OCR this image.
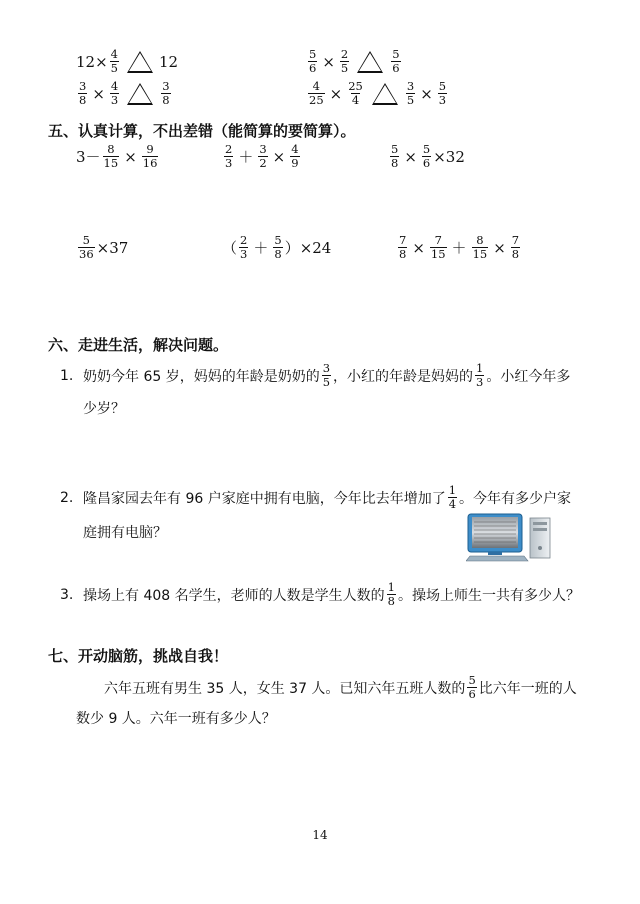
$12\times \frac{4}{5}$	12
$\frac{3}{8} \times \frac{4}{3}$	$\frac{3}{8}$
$\frac{5}{6} \times \frac{2}{5}$	$\frac{5}{6}$
$\frac{4}{25} \times \frac{25}{4}$	$\frac{3}{5} \times \frac{5}{3}$
五、认真计算，不出差错（能简算的要简算）。
$3- \frac{8}{15} \times \frac{9}{16}$	$\frac{2}{3} + \frac{3}{2} \times \frac{4}{9}$	$\frac{5}{8} \times \frac{5}{6} \times 32$
$\frac{5}{36} \times 37$	（ $\frac{2}{3} + \frac{5}{8} )\times 24$	$\frac{7}{8} \times \frac{7}{15} + \frac{8}{15} \times \frac{7}{8}$
六、走进生活，解决问题。
1. 奶奶今年 65 岁，妈妈的年龄是奶奶的 $\frac{3}{5}$ ，小红的年龄是妈妈的 $\frac{1}{3}$ 。小红今年多
少岁？
2. 隆昌家园去年有 96 户家庭中拥有电脑，今年比去年增加了 $\frac{1}{4}$ 。今年有多少户家
庭拥有电脑？
3. 操场上有 408 名学生，老师的人数是学生人数的 $\frac{1}{8}$ 。操场上师生一共有多少人？
七、开动脑筋，挑战自我！
六年五班有男生 35 人，女生 37 人。已知六年五班人数的 $\frac{5}{6}$ 比六年一班的人
数少 9 人。六年一班有多少人？
14
